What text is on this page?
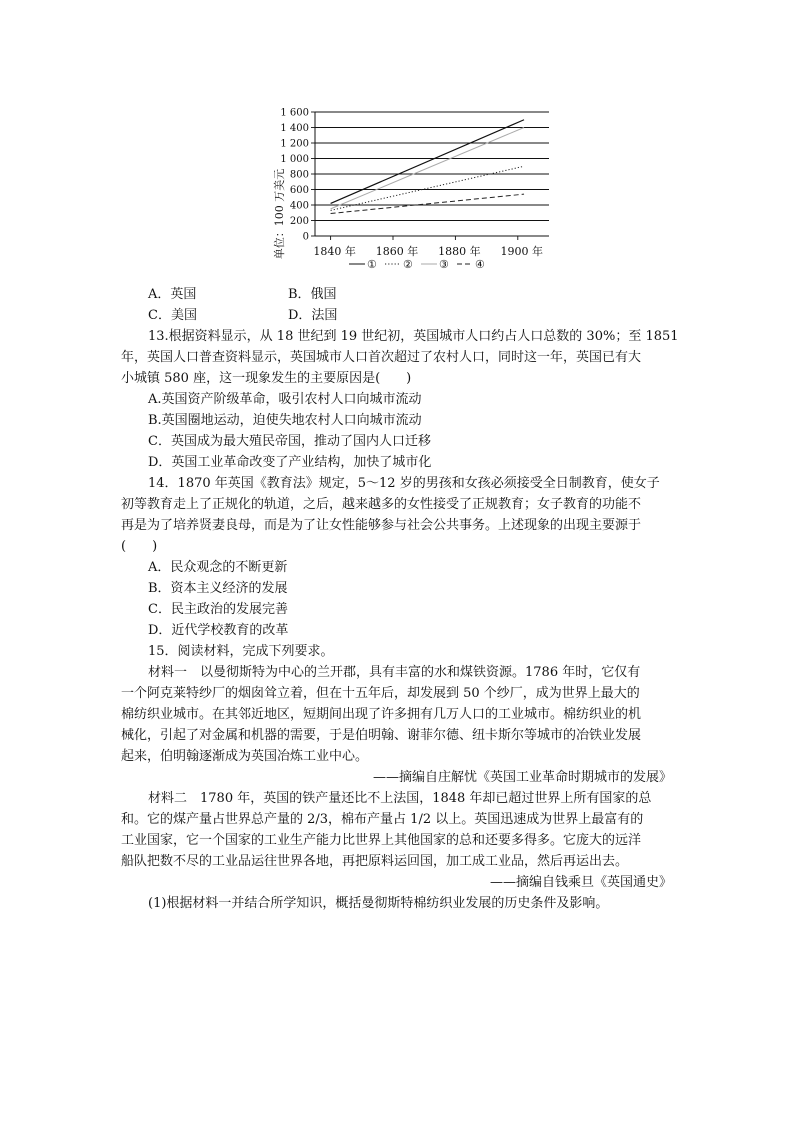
0
200
400
600
800
1 000
1 200
1 400
1 600
单位：100 万美元 1840 年 1860 年 1880 年 1900 年
① ② ③ ④
A．英国	B．俄国
C．美国	D．法国
13.根据资料显示，从 18 世纪到 19 世纪初，英国城市人口约占人口总数的 30%；至 1851
年，英国人口普查资料显示，英国城市人口首次超过了农村人口，同时这一年，英国已有大
小城镇 580 座，这一现象发生的主要原因是(　　)
A.英国资产阶级革命，吸引农村人口向城市流动
B.英国圈地运动，迫使失地农村人口向城市流动
C．英国成为最大殖民帝国，推动了国内人口迁移
D．英国工业革命改变了产业结构，加快了城市化
14．1870 年英国《教育法》规定，5～12 岁的男孩和女孩必须接受全日制教育，使女子
初等教育走上了正规化的轨道，之后，越来越多的女性接受了正规教育；女子教育的功能不
再是为了培养贤妻良母，而是为了让女性能够参与社会公共事务。上述现象的出现主要源于
(　　)
A．民众观念的不断更新
B．资本主义经济的发展
C．民主政治的发展完善
D．近代学校教育的改革
15．阅读材料，完成下列要求。
材料一　以曼彻斯特为中心的兰开郡，具有丰富的水和煤铁资源。1786 年时，它仅有
一个阿克莱特纱厂的烟囱耸立着，但在十五年后，却发展到 50 个纱厂，成为世界上最大的
棉纺织业城市。在其邻近地区，短期间出现了许多拥有几万人口的工业城市。棉纺织业的机
械化，引起了对金属和机器的需要，于是伯明翰、谢菲尔德、纽卡斯尔等城市的冶铁业发展
起来，伯明翰逐渐成为英国冶炼工业中心。
——摘编自庄解忧《英国工业革命时期城市的发展》
材料二　1780 年，英国的铁产量还比不上法国，1848 年却已超过世界上所有国家的总
和。它的煤产量占世界总产量的 2/3，棉布产量占 1/2 以上。英国迅速成为世界上最富有的
工业国家，它一个国家的工业生产能力比世界上其他国家的总和还要多得多。它庞大的远洋
船队把数不尽的工业品运往世界各地，再把原料运回国，加工成工业品，然后再运出去。
——摘编自钱乘旦《英国通史》
(1)根据材料一并结合所学知识，概括曼彻斯特棉纺织业发展的历史条件及影响。
